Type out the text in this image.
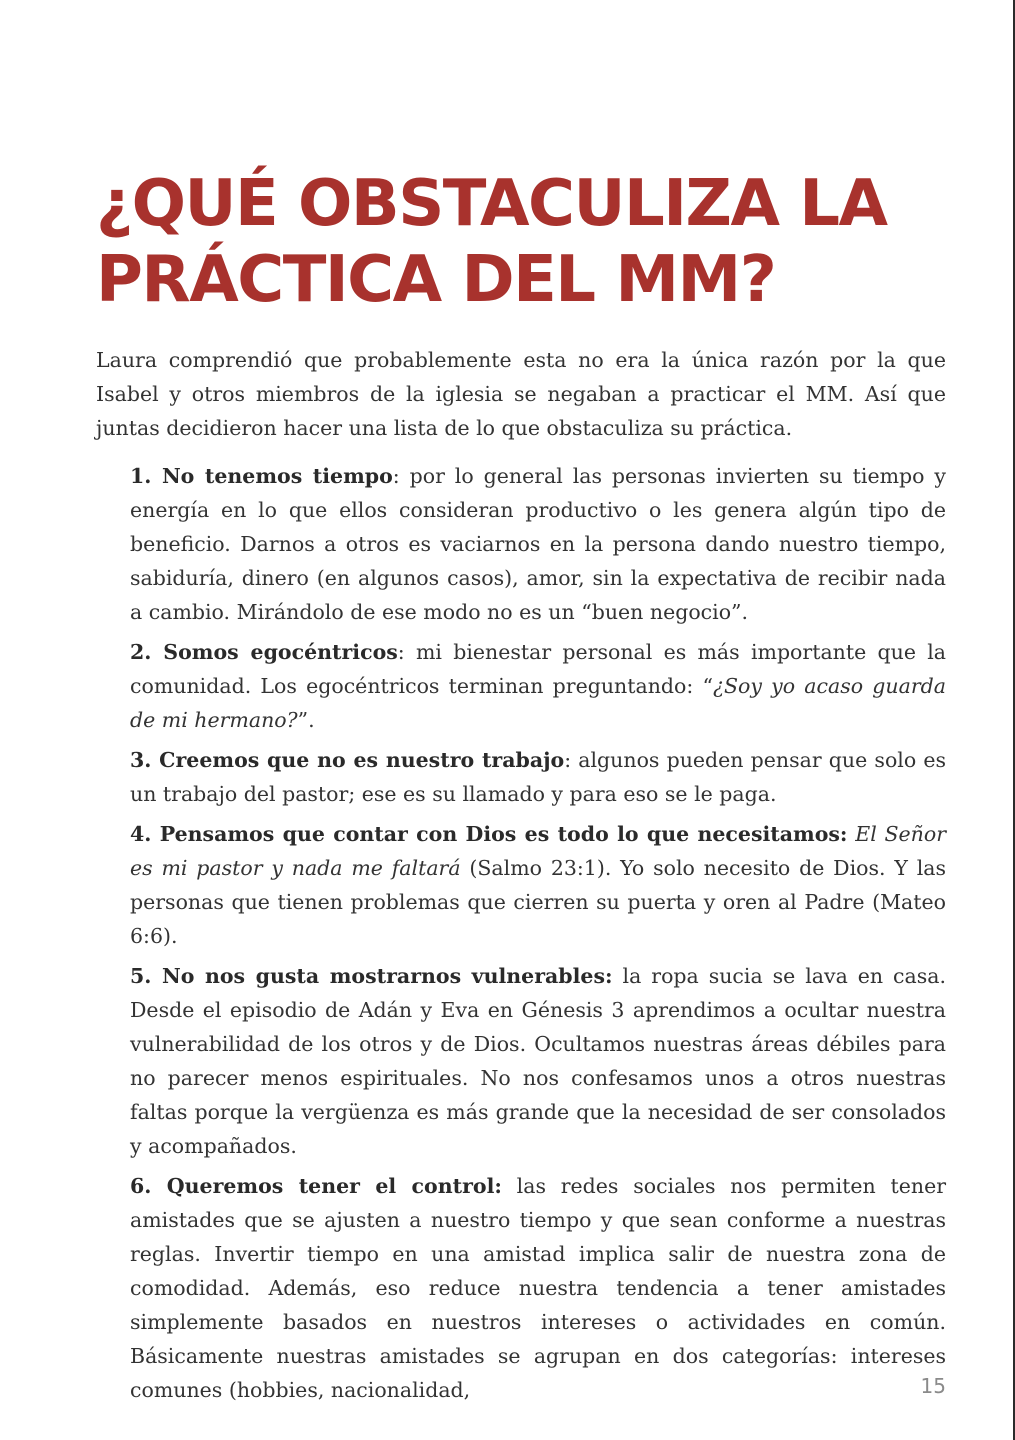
¿QUÉ OBSTACULIZA LA
PRÁCTICA DEL MM?

Laura comprendió que probablemente esta no era la única razón por la que Isabel y otros miembros de la iglesia se negaban a practicar el MM. Así que juntas decidieron hacer una lista de lo que obstaculiza su práctica.

1. No tenemos tiempo: por lo general las personas invierten su tiempo y energía en lo que ellos consideran productivo o les genera algún tipo de beneficio. Darnos a otros es vaciarnos en la persona dando nuestro tiempo, sabiduría, dinero (en algunos casos), amor, sin la expectativa de recibir nada a cambio. Mirándolo de ese modo no es un “buen negocio”.

2. Somos egocéntricos: mi bienestar personal es más importante que la comunidad. Los egocéntricos terminan preguntando: “¿Soy yo acaso guarda de mi hermano?”.

3. Creemos que no es nuestro trabajo: algunos pueden pensar que solo es un trabajo del pastor; ese es su llamado y para eso se le paga.

4. Pensamos que contar con Dios es todo lo que necesitamos: El Señor es mi pastor y nada me faltará (Salmo 23:1). Yo solo necesito de Dios. Y las personas que tienen problemas que cierren su puerta y oren al Padre (Mateo 6:6).

5. No nos gusta mostrarnos vulnerables: la ropa sucia se lava en casa. Desde el episodio de Adán y Eva en Génesis 3 aprendimos a ocultar nuestra vulnerabilidad de los otros y de Dios. Ocultamos nuestras áreas débiles para no parecer menos espirituales. No nos confesamos unos a otros nuestras faltas porque la vergüenza es más grande que la necesidad de ser consolados y acompañados.

6. Queremos tener el control: las redes sociales nos permiten tener amistades que se ajusten a nuestro tiempo y que sean conforme a nuestras reglas. Invertir tiempo en una amistad implica salir de nuestra zona de comodidad. Además, eso reduce nuestra tendencia a tener amistades simplemente basados en nuestros intereses o actividades en común. Básicamente nuestras amistades se agrupan en dos categorías: intereses comunes (hobbies, nacionalidad,	15
